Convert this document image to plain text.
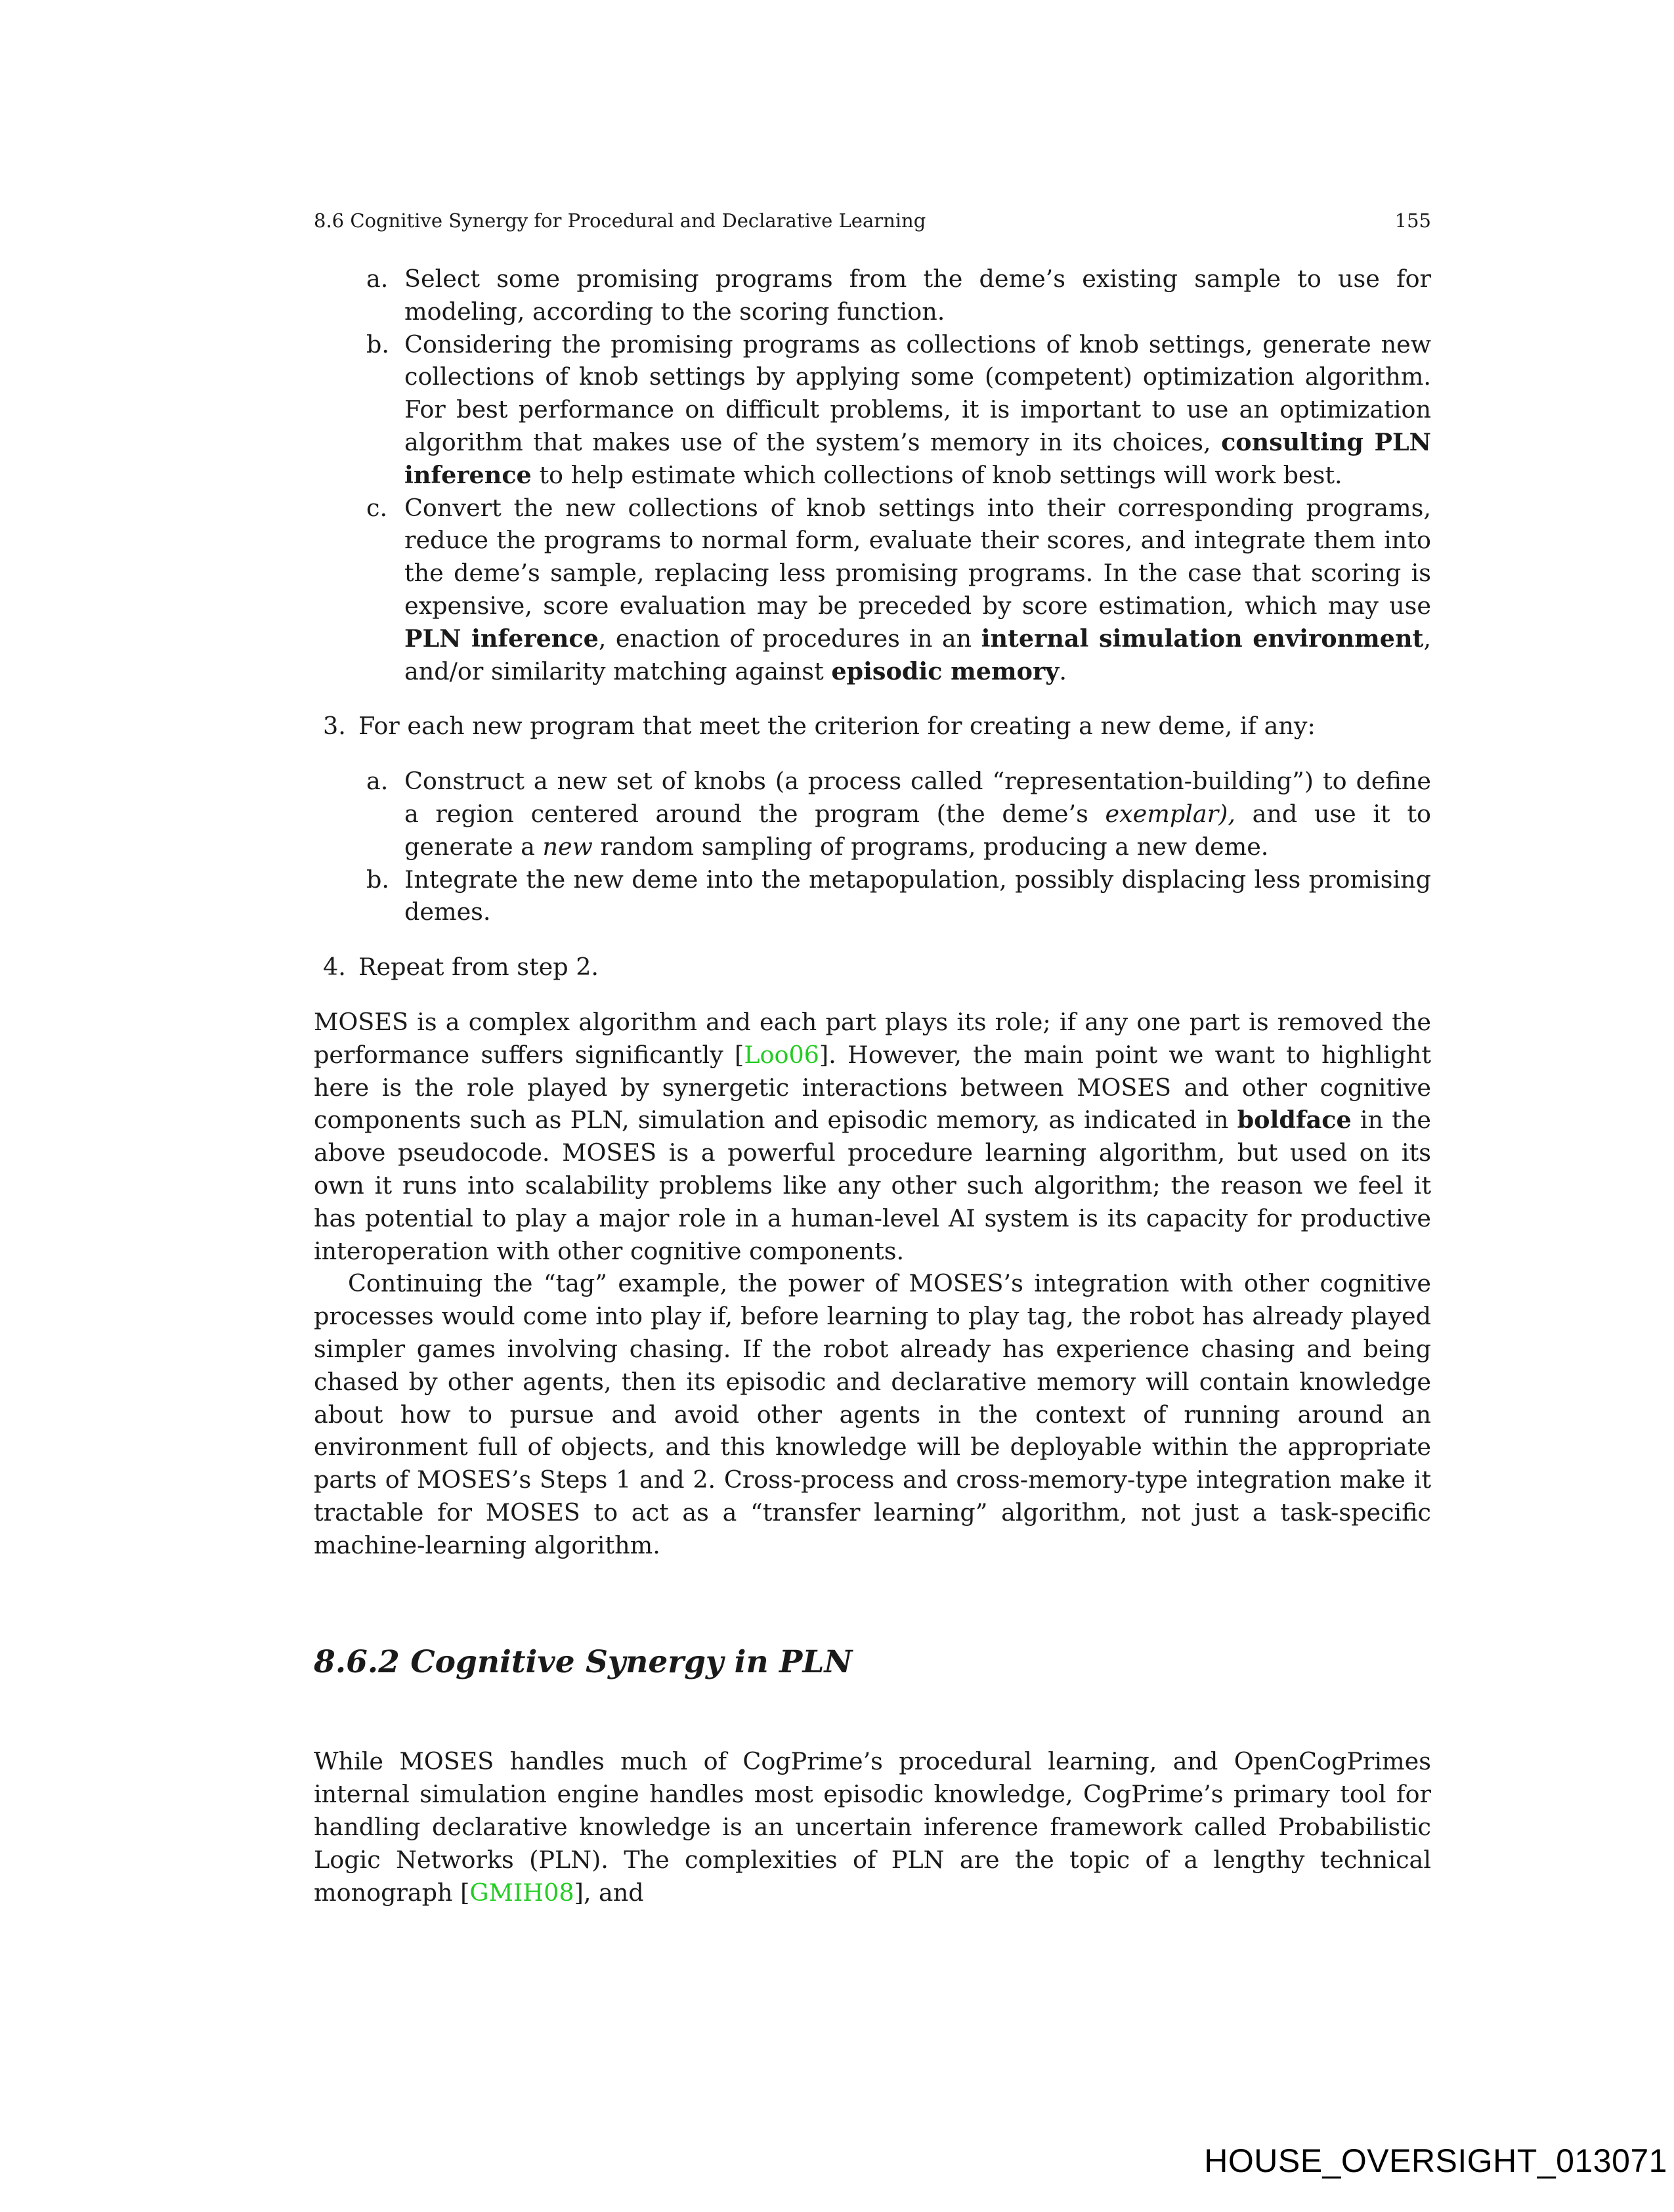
8.6 Cognitive Synergy for Procedural and Declarative Learning	155
a. Select some promising programs from the deme’s existing sample to use for modeling, according to the scoring function.
b. Considering the promising programs as collections of knob settings, generate new collections of knob settings by applying some (competent) optimization algorithm. For best performance on difficult problems, it is important to use an optimization algorithm that makes use of the system’s memory in its choices, consulting PLN inference to help estimate which collections of knob settings will work best.
c. Convert the new collections of knob settings into their corresponding programs, reduce the programs to normal form, evaluate their scores, and integrate them into the deme’s sample, replacing less promising programs. In the case that scoring is expensive, score evaluation may be preceded by score estimation, which may use PLN inference, enaction of procedures in an internal simulation environment, and/or similarity matching against episodic memory.
3. For each new program that meet the criterion for creating a new deme, if any:
a. Construct a new set of knobs (a process called “representation-building”) to define a region centered around the program (the deme’s exemplar), and use it to generate a new random sampling of programs, producing a new deme.
b. Integrate the new deme into the metapopulation, possibly displacing less promising demes.
4. Repeat from step 2.

MOSES is a complex algorithm and each part plays its role; if any one part is removed the performance suffers significantly [Loo06]. However, the main point we want to highlight here is the role played by synergetic interactions between MOSES and other cognitive components such as PLN, simulation and episodic memory, as indicated in boldface in the above pseudocode. MOSES is a powerful procedure learning algorithm, but used on its own it runs into scalability problems like any other such algorithm; the reason we feel it has potential to play a major role in a human-level AI system is its capacity for productive interoperation with other cognitive components.

Continuing the “tag” example, the power of MOSES’s integration with other cognitive processes would come into play if, before learning to play tag, the robot has already played simpler games involving chasing. If the robot already has experience chasing and being chased by other agents, then its episodic and declarative memory will contain knowledge about how to pursue and avoid other agents in the context of running around an environment full of objects, and this knowledge will be deployable within the appropriate parts of MOSES’s Steps 1 and 2. Cross-process and cross-memory-type integration make it tractable for MOSES to act as a “transfer learning” algorithm, not just a task-specific machine-learning algorithm.

8.6.2 Cognitive Synergy in PLN

While MOSES handles much of CogPrime’s procedural learning, and OpenCogPrimes internal simulation engine handles most episodic knowledge, CogPrime’s primary tool for handling declarative knowledge is an uncertain inference framework called Probabilistic Logic Networks (PLN). The complexities of PLN are the topic of a lengthy technical monograph [GMIH08], and

HOUSE_OVERSIGHT_013071
